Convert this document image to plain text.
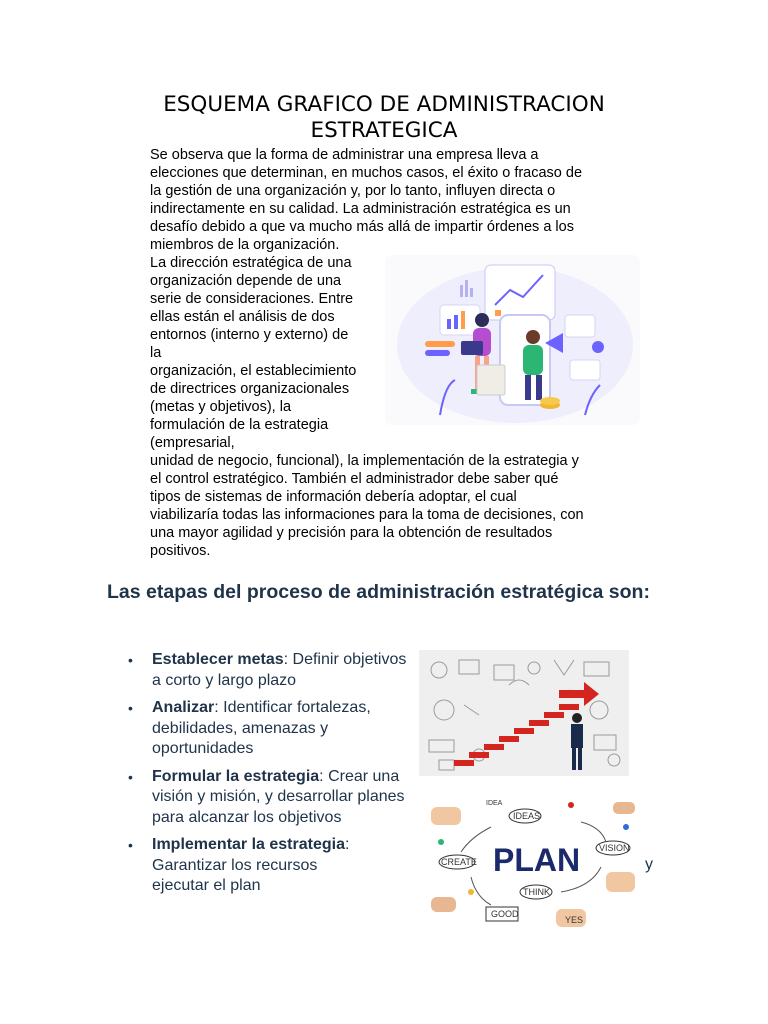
ESQUEMA GRAFICO DE ADMINISTRACION
ESTRATEGICA
Se observa que la forma de administrar una empresa lleva a
elecciones que determinan, en muchos casos, el éxito o fracaso de
la gestión de una organización y, por lo tanto, influyen directa o
indirectamente en su calidad. La administración estratégica es un
desafío debido a que va mucho más allá de impartir órdenes a los
miembros de la organización.
La dirección estratégica de una
organización depende de una
serie de consideraciones. Entre
ellas están el análisis de dos
entornos (interno y externo) de
la
organización, el establecimiento
de directrices organizacionales
(metas y objetivos), la
formulación de la estrategia
(empresarial,
unidad de negocio, funcional), la implementación de la estrategia y
el control estratégico. También el administrador debe saber qué
tipos de sistemas de información debería adoptar, el cual
viabilizaría todas las informaciones para la toma de decisiones, con
una mayor agilidad y precisión para la obtención de resultados
positivos.
Las etapas del proceso de administración estratégica son:
• Establecer metas: Definir objetivos a corto y largo plazo
• Analizar: Identificar fortalezas, debilidades, amenazas y oportunidades
• Formular la estrategia: Crear una visión y misión, y desarrollar planes para alcanzar los objetivos
• Implementar la estrategia: Garantizar los recursos
ejecutar el plan
y
PLAN
IDEAS
VISION
CREATE
THINK
GOOD
YES
IDEA
